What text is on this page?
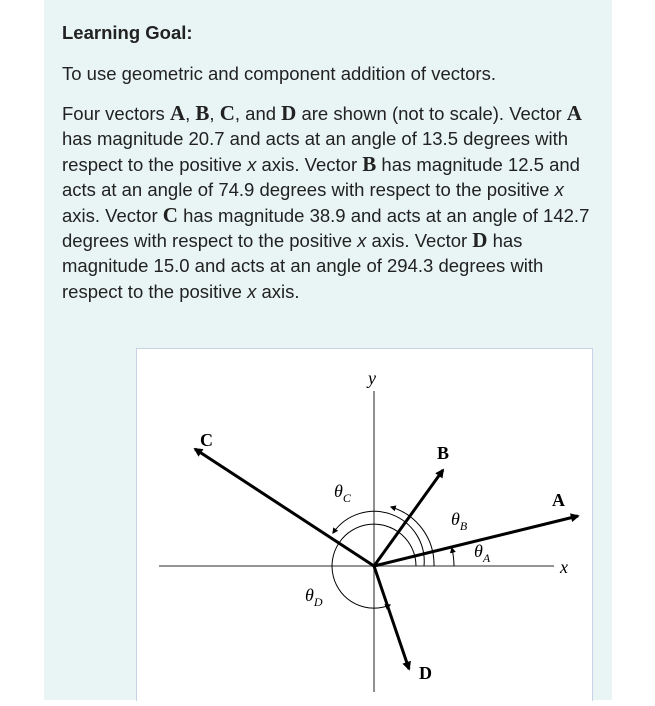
Learning Goal:

To use geometric and component addition of vectors.

Four vectors A, B, C, and D are shown (not to scale). Vector A has magnitude 20.7 and acts at an angle of 13.5 degrees with respect to the positive x axis. Vector B has magnitude 12.5 and acts at an angle of 74.9 degrees with respect to the positive x axis. Vector C has magnitude 38.9 and acts at an angle of 142.7 degrees with respect to the positive x axis. Vector D has magnitude 15.0 and acts at an angle of 294.3 degrees with respect to the positive x axis.

y
x
C
B
A
D
$\theta_C$
$\theta_B$
$\theta_A$
$\theta_D$
